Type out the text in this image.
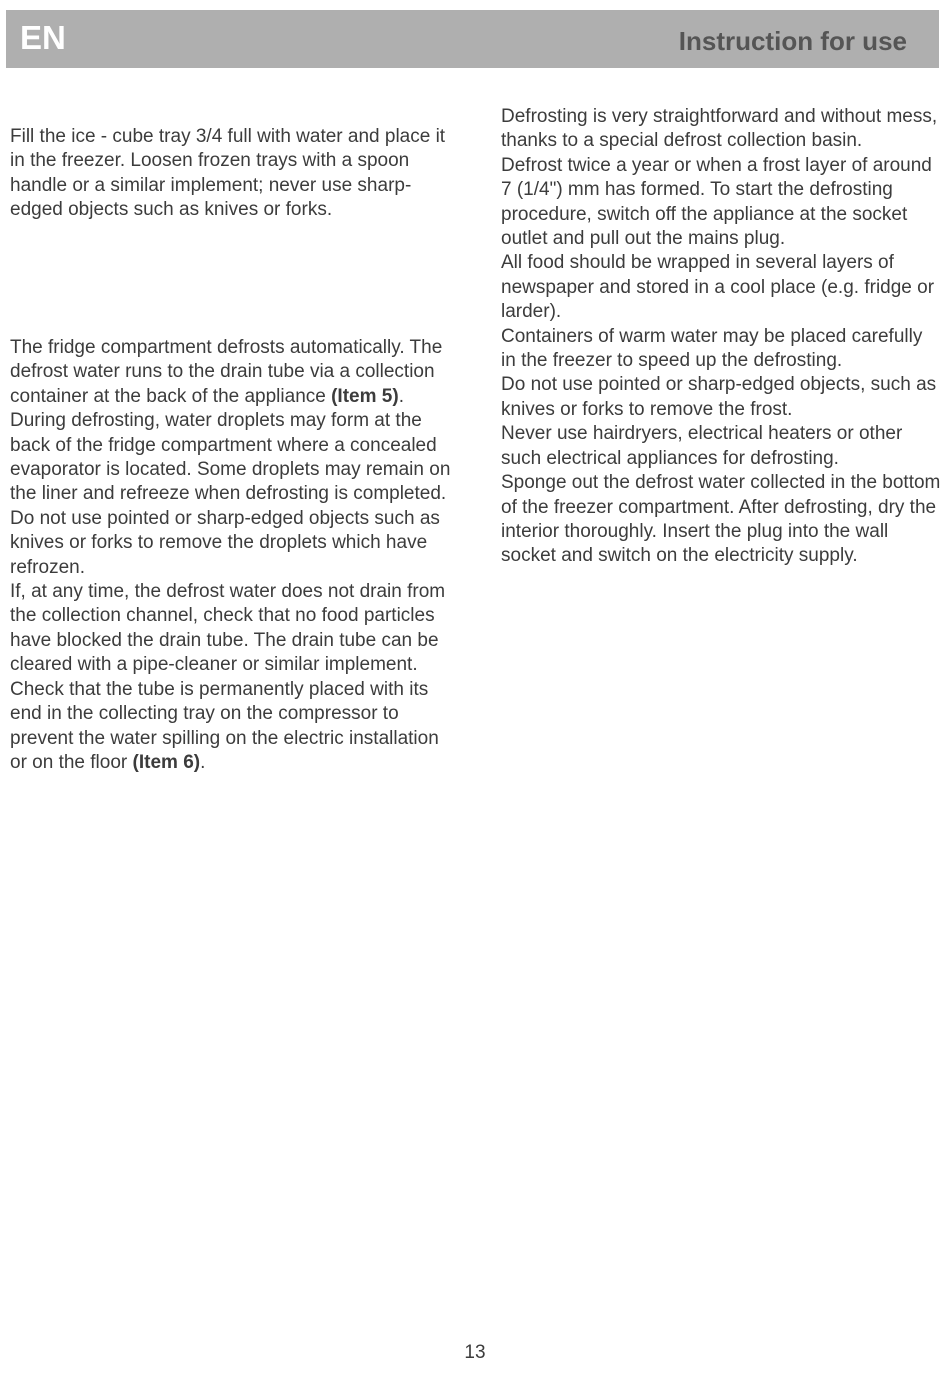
EN	Instruction for use

Fill the ice - cube tray 3/4 full with water and place it in the freezer. Loosen frozen trays with a spoon handle or a similar implement; never use sharp-edged objects such as knives or forks.

The fridge compartment defrosts automatically. The defrost water runs to the drain tube via a collection container at the back of the appliance (Item 5).

During defrosting, water droplets may form at the back of the fridge compartment where a concealed evaporator is located. Some droplets may remain on the liner and refreeze when defrosting is completed. Do not use pointed or sharp-edged objects such as knives or forks to remove the droplets which have refrozen.

If, at any time, the defrost water does not drain from the collection channel, check that no food particles have blocked the drain tube. The drain tube can be cleared with a pipe-cleaner or similar implement.

Check that the tube is permanently placed with its end in the collecting tray on the compressor to prevent the water spilling on the electric installation or on the floor (Item 6).

Defrosting is very straightforward and without mess, thanks to a special defrost collection basin.

Defrost twice a year or when a frost layer of around 7 (1/4") mm has formed. To start the defrosting procedure, switch off the appliance at the socket outlet and pull out the mains plug.

All food should be wrapped in several layers of newspaper and stored in a cool place (e.g. fridge or larder).

Containers of warm water may be placed carefully in the freezer to speed up the defrosting.

Do not use pointed or sharp-edged objects, such as knives or forks to remove the frost.

Never use hairdryers, electrical heaters or other such electrical appliances for defrosting.

Sponge out the defrost water collected in the bottom of the freezer compartment. After defrosting, dry the interior thoroughly. Insert the plug into the wall socket and switch on the electricity supply.

13
